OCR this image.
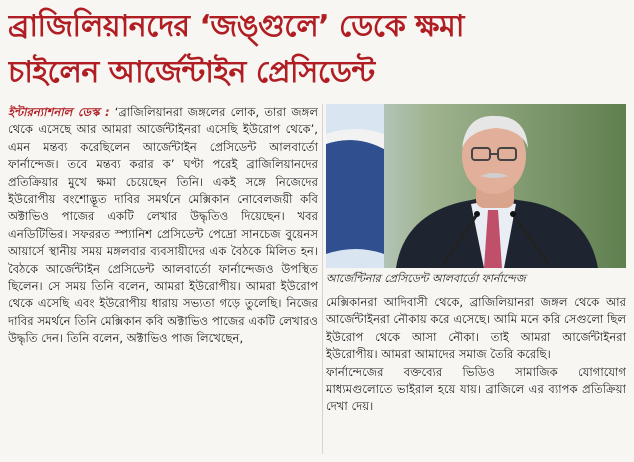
ব্রাজিলিয়ানদের ‘জঙ্গুলে’ ডেকে ক্ষমা
চাইলেন আর্জেন্টাইন প্রেসিডেন্ট

ইন্টারন্যাশনাল ডেস্ক : ‘ব্রাজিলিয়ানরা জঙ্গলের লোক, তারা জঙ্গল থেকে এসেছে আর আমরা আর্জেন্টাইনরা এসেছি ইউরোপ থেকে’, এমন মন্তব্য করেছিলেন আর্জেন্টাইন প্রেসিডেন্ট আলবার্তো ফার্নান্দেজ। তবে মন্তব্য করার ক’ ঘণ্টা পরেই ব্রাজিলিয়ানদের প্রতিক্রিয়ার মুখে ক্ষমা চেয়েছেন তিনি। একই সঙ্গে নিজেদের ইউরোপীয় বংশোদ্ভূত দাবির সমর্থনে মেক্সিকান নোবেলজয়ী কবি অক্টাভিও পাজের একটি লেখার উদ্ধৃতিও দিয়েছেন। খবর এনডিটিভির। সফররত স্প্যানিশ প্রেসিডেন্ট পেদ্রো সানচেজ বুয়েনস আয়ার্সে স্থানীয় সময় মঙ্গলবার ব্যবসায়ীদের এক বৈঠকে মিলিত হন। বৈঠকে আর্জেন্টাইন প্রেসিডেন্ট আলবার্তো ফার্নান্দেজও উপস্থিত ছিলেন। সে সময় তিনি বলেন, আমরা ইউরোপীয়। আমরা ইউরোপ থেকে এসেছি এবং ইউরোপীয় ধারায় সভ্যতা গড়ে তুলেছি। নিজের দাবির সমর্থনে তিনি মেক্সিকান কবি অক্টাভিও পাজের একটি লেখারও উদ্ধৃতি দেন। তিনি বলেন, অক্টাভিও পাজ লিখেছেন,

আর্জেন্টিনার প্রেসিডেন্ট আলবার্তো ফার্নান্দেজ

মেক্সিকানরা আদিবাসী থেকে, ব্রাজিলিয়ানরা জঙ্গল থেকে আর আর্জেন্টাইনরা নৌকায় করে এসেছে। আমি মনে করি সেগুলো ছিল ইউরোপ থেকে আসা নৌকা। তাই আমরা আর্জেন্টাইনরা ইউরোপীয়। আমরা আমাদের সমাজ তৈরি করেছি।

ফার্নান্দেজের বক্তব্যের ভিডিও সামাজিক যোগাযোগ মাধ্যমগুলোতে ভাইরাল হয়ে যায়। ব্রাজিলে এর ব্যাপক প্রতিক্রিয়া দেখা দেয়।
